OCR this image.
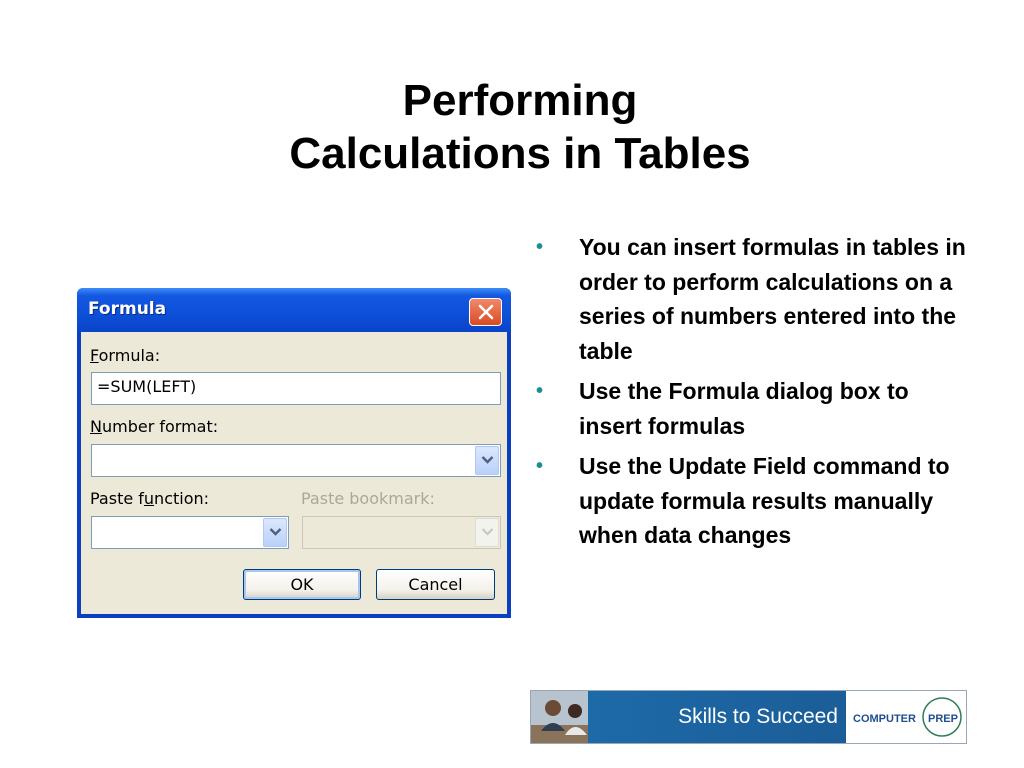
Performing
Calculations in Tables
Formula
Formula:
=SUM(LEFT)
Number format:
Paste function:	Paste bookmark:
OK	Cancel
• You can insert formulas in tables in order to perform calculations on a series of numbers entered into the table
• Use the Formula dialog box to insert formulas
• Use the Update Field command to update formula results manually when data changes
Skills to Succeed COMPUTER PREP
